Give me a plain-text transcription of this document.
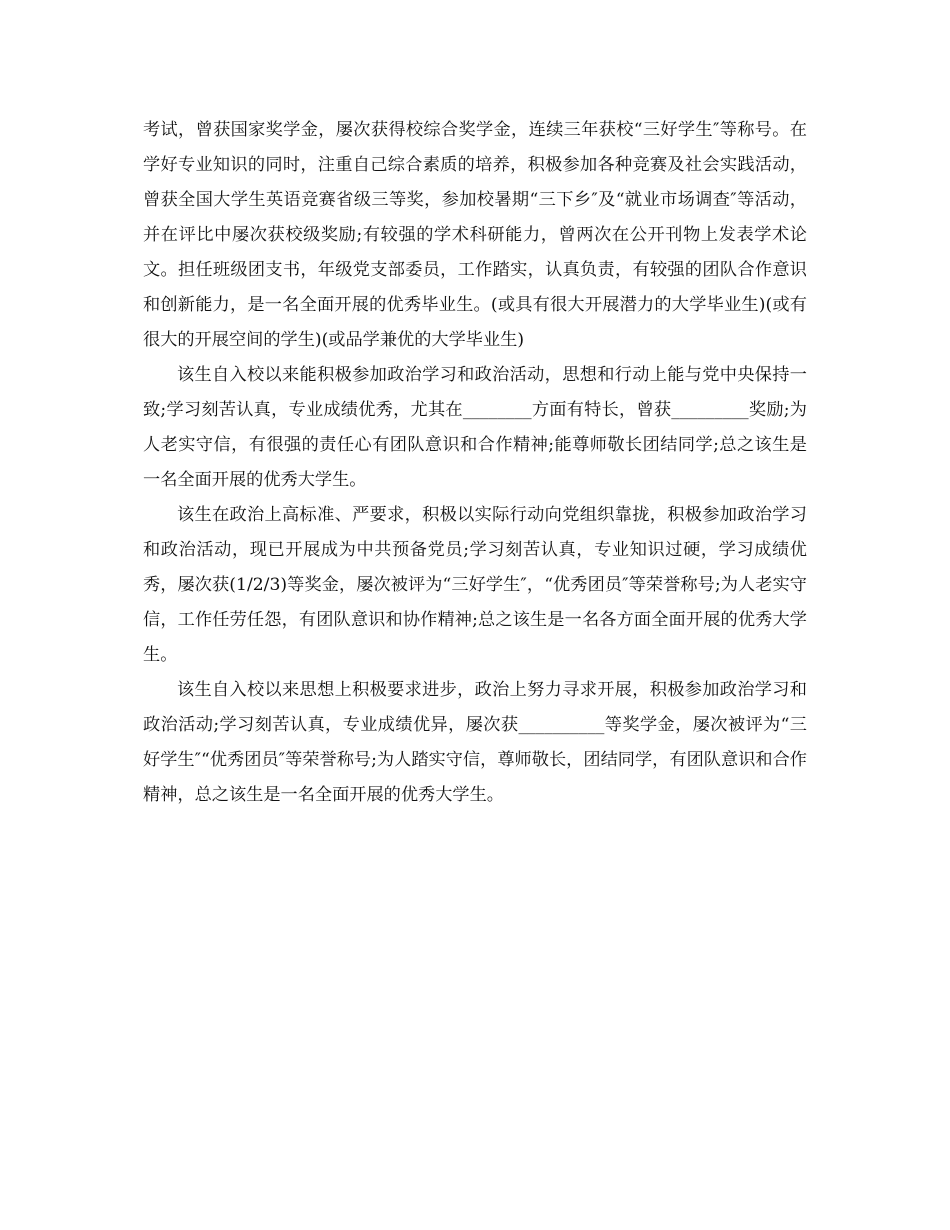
考试，曾获国家奖学金，屡次获得校综合奖学金，连续三年获校“三好学生″等称号。在学好专业知识的同时，注重自己综合素质的培养，积极参加各种竞赛及社会实践活动，曾获全国大学生英语竞赛省级三等奖，参加校暑期“三下乡″及“就业市场调查″等活动，并在评比中屡次获校级奖励;有较强的学术科研能力，曾两次在公开刊物上发表学术论文。担任班级团支书，年级党支部委员，工作踏实，认真负责，有较强的团队合作意识和创新能力，是一名全面开展的优秀毕业生。(或具有很大开展潜力的大学毕业生)(或有很大的开展空间的学生)(或品学兼优的大学毕业生)

该生自入校以来能积极参加政治学习和政治活动，思想和行动上能与党中央保持一致;学习刻苦认真，专业成绩优秀，尤其在________方面有特长，曾获_________奖励;为人老实守信，有很强的责任心有团队意识和合作精神;能尊师敬长团结同学;总之该生是一名全面开展的优秀大学生。

该生在政治上高标准、严要求，积极以实际行动向党组织靠拢，积极参加政治学习和政治活动，现已开展成为中共预备党员;学习刻苦认真，专业知识过硬，学习成绩优秀，屡次获(1/2/3)等奖金，屡次被评为“三好学生″，“优秀团员″等荣誉称号;为人老实守信，工作任劳任怨，有团队意识和协作精神;总之该生是一名各方面全面开展的优秀大学生。

该生自入校以来思想上积极要求进步，政治上努力寻求开展，积极参加政治学习和政治活动;学习刻苦认真，专业成绩优异，屡次获__________等奖学金，屡次被评为“三好学生″“优秀团员″等荣誉称号;为人踏实守信，尊师敬长，团结同学，有团队意识和合作精神，总之该生是一名全面开展的优秀大学生。
